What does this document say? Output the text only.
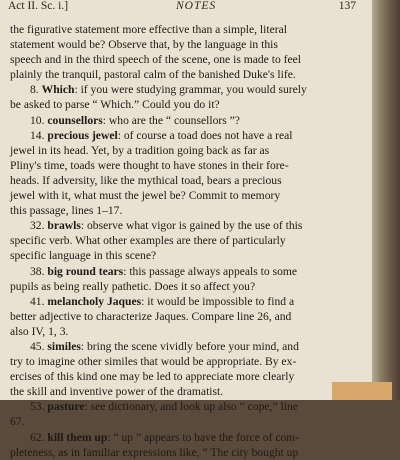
Act II. Sc. i.]	NOTES	137
the figurative statement more effective than a simple, literal
statement would be? Observe that, by the language in this
speech and in the third speech of the scene, one is made to feel
plainly the tranquil, pastoral calm of the banished Duke's life.
8. Which: if you were studying grammar, you would surely
be asked to parse “ Which.” Could you do it?
10. counsellors: who are the “ counsellors ”?
14. precious jewel: of course a toad does not have a real
jewel in its head. Yet, by a tradition going back as far as
Pliny's time, toads were thought to have stones in their fore-
heads. If adversity, like the mythical toad, bears a precious
jewel with it, what must the jewel be? Commit to memory
this passage, lines 1–17.
32. brawls: observe what vigor is gained by the use of this
specific verb. What other examples are there of particularly
specific language in this scene?
38. big round tears: this passage always appeals to some
pupils as being really pathetic. Does it so affect you?
41. melancholy Jaques: it would be impossible to find a
better adjective to characterize Jaques. Compare line 26, and
also IV, 1, 3.
45. similes: bring the scene vividly before your mind, and
try to imagine other similes that would be appropriate. By ex-
ercises of this kind one may be led to appreciate more clearly
the skill and inventive power of the dramatist.
53. pasture: see dictionary, and look up also “ cope,” line
67.
62. kill them up: “ up ” appears to have the force of com-
pleteness, as in familiar expressions like, “ The city bought up
